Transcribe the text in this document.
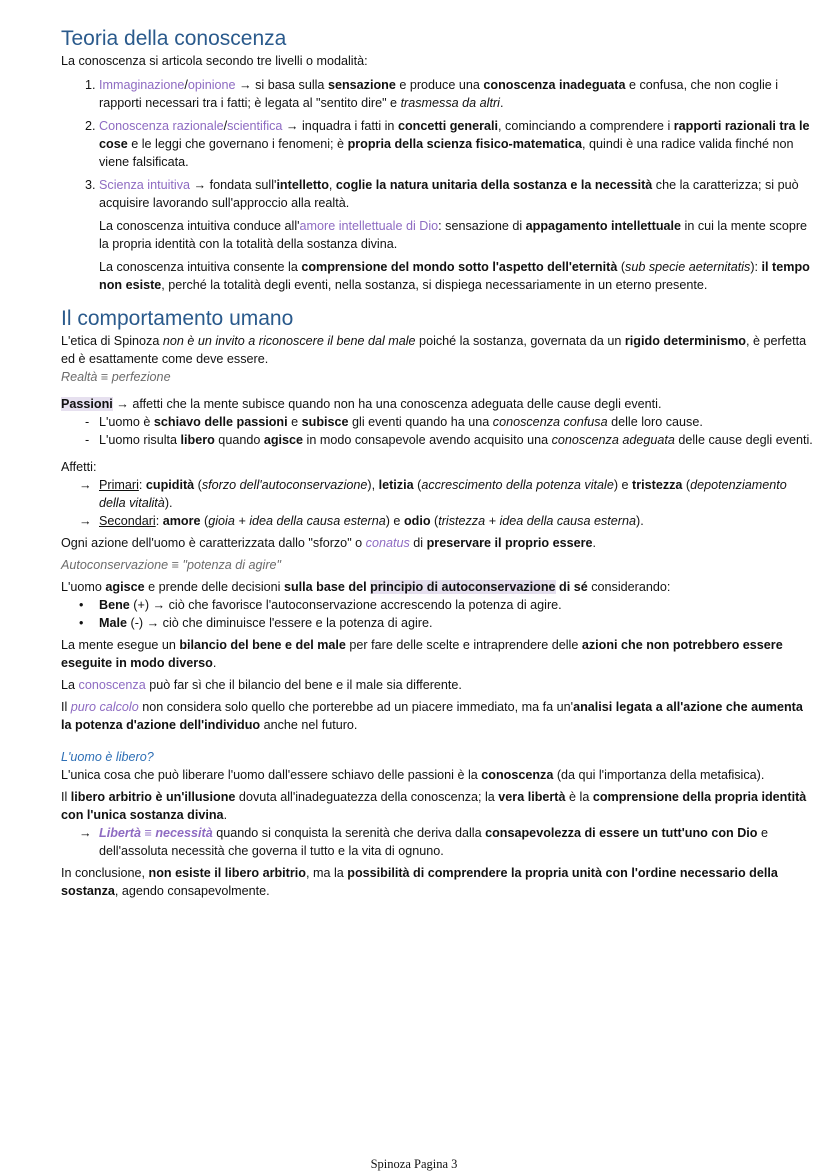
Teoria della conoscenza

La conoscenza si articola secondo tre livelli o modalità:

1. Immaginazione/opinione → si basa sulla sensazione e produce una conoscenza inadeguata e confusa, che non coglie i rapporti necessari tra i fatti; è legata al "sentito dire" e trasmessa da altri.
2. Conoscenza razionale/scientifica → inquadra i fatti in concetti generali, cominciando a comprendere i rapporti razionali tra le cose e le leggi che governano i fenomeni; è propria della scienza fisico-matematica, quindi è una radice valida finché non viene falsificata.
3. Scienza intuitiva → fondata sull'intelletto, coglie la natura unitaria della sostanza e la necessità che la caratterizza; si può acquisire lavorando sull'approccio alla realtà.
La conoscenza intuitiva conduce all'amore intellettuale di Dio: sensazione di appagamento intellettuale in cui la mente scopre la propria identità con la totalità della sostanza divina.
La conoscenza intuitiva consente la comprensione del mondo sotto l'aspetto dell'eternità (sub specie aeternitatis): il tempo non esiste, perché la totalità degli eventi, nella sostanza, si dispiega necessariamente in un eterno presente.
Il comportamento umano

L'etica di Spinoza non è un invito a riconoscere il bene dal male poiché la sostanza, governata da un rigido determinismo, è perfetta ed è esattamente come deve essere.

Realtà ≡ perfezione

Passioni → affetti che la mente subisce quando non ha una conoscenza adeguata delle cause degli eventi.

- L'uomo è schiavo delle passioni e subisce gli eventi quando ha una conoscenza confusa delle loro cause.
- L'uomo risulta libero quando agisce in modo consapevole avendo acquisito una conoscenza adeguata delle cause degli eventi.

Affetti:

→ Primari: cupidità (sforzo dell'autoconservazione), letizia (accrescimento della potenza vitale) e tristezza (depotenziamento della vitalità).
→ Secondari: amore (gioia + idea della causa esterna) e odio (tristezza + idea della causa esterna).

Ogni azione dell'uomo è caratterizzata dallo "sforzo" o conatus di preservare il proprio essere.

Autoconservazione ≡ "potenza di agire"

L'uomo agisce e prende delle decisioni sulla base del principio di autoconservazione di sé considerando:

• Bene (+) → ciò che favorisce l'autoconservazione accrescendo la potenza di agire.
• Male (-) → ciò che diminuisce l'essere e la potenza di agire.

La mente esegue un bilancio del bene e del male per fare delle scelte e intraprendere delle azioni che non potrebbero essere eseguite in modo diverso.

La conoscenza può far sì che il bilancio del bene e il male sia differente.

Il puro calcolo non considera solo quello che porterebbe ad un piacere immediato, ma fa un'analisi legata a all'azione che aumenta la potenza d'azione dell'individuo anche nel futuro.

L'uomo è libero?

L'unica cosa che può liberare l'uomo dall'essere schiavo delle passioni è la conoscenza (da qui l'importanza della metafisica).

Il libero arbitrio è un'illusione dovuta all'inadeguatezza della conoscenza; la vera libertà è la comprensione della propria identità con l'unica sostanza divina.

→ Libertà ≡ necessità quando si conquista la serenità che deriva dalla consapevolezza di essere un tutt'uno con Dio e dell'assoluta necessità che governa il tutto e la vita di ognuno.

In conclusione, non esiste il libero arbitrio, ma la possibilità di comprendere la propria unità con l'ordine necessario della sostanza, agendo consapevolmente.

Spinoza Pagina 3
